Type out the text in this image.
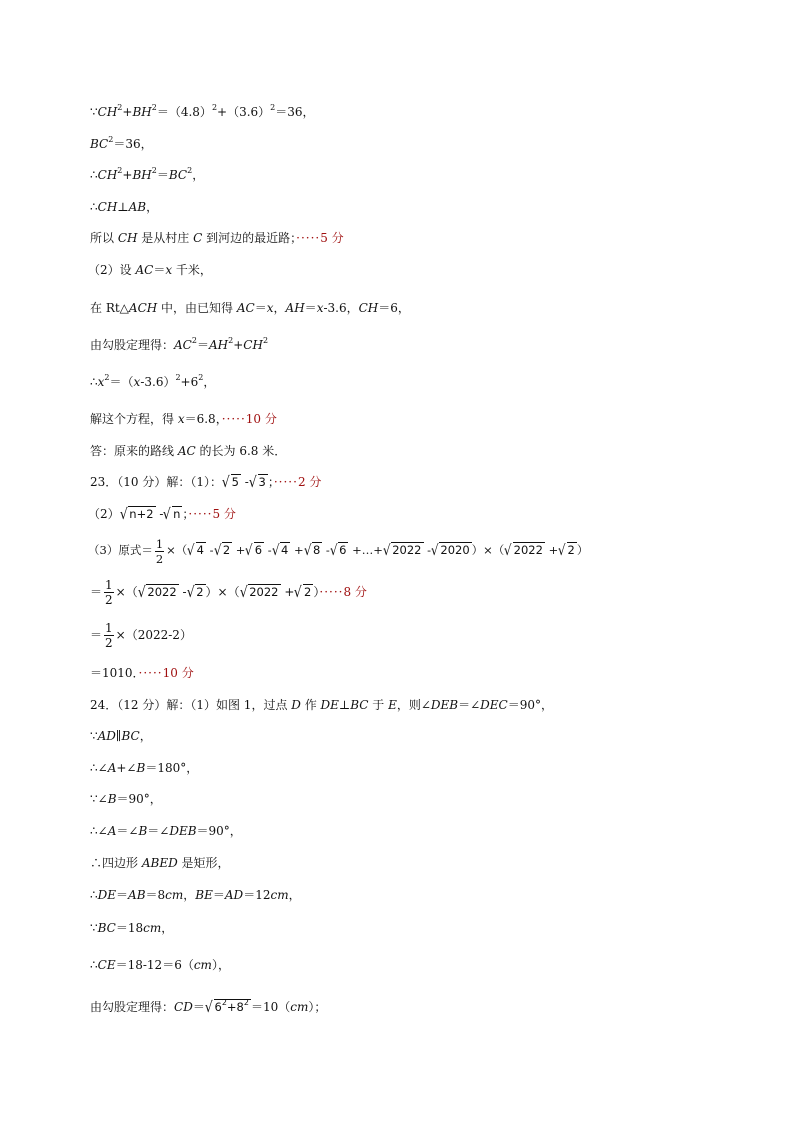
$\because CH^2+BH^2=(4.8)^2+(3.6)^2=36$，
$BC^2=36$，
$\therefore CH^2+BH^2=BC^2$，
∴CH⊥AB，
所以 CH 是从村庄 C 到河边的最近路；·····5 分
（2）设 AC＝x 千米，
在 Rt△ACH 中，由已知得 AC＝x，AH＝x-3.6，CH＝6，
由勾股定理得：$AC^2=AH^2+CH^2$
$\therefore x^2=(x-3.6)^2+6^2$，
解这个方程，得 x＝6.8，·····10 分
答：原来的路线 AC 的长为 6.8 米．
23．（10 分）解：（1）：√ 5 -√ 3 ；·····2 分
（2）√ n+2 -√ n ；·····5 分
（3）原式＝ $\frac{1}{2}$ ×（√ 4 -√ 2 +√ 6 -√ 4 +√ 8 -√ 6 +…+√ 2022 -√ 2020 ）×（√ 2022 +√ 2 ）
＝ $\frac{1}{2}$ ×（√ 2022 -√ 2 ）×（√ 2022 +√ 2 ）·····8 分
＝ $\frac{1}{2} \times(2022-2)$
＝1010．·····10 分
24．（12 分）解：（1）如图 1，过点 D 作 DE⊥BC 于 E，则∠DEB＝∠DEC＝90°，
∵AD∥BC，
∴∠A+∠B＝180°，
∵∠B＝90°，
∴∠A＝∠B＝∠DEB＝90°，
∴四边形 ABED 是矩形，
∴DE＝AB＝8cm，BE＝AD＝12cm，
∵BC＝18cm，
∴CE＝18-12＝6（cm），
由勾股定理得：CD＝√ $6^2+8^2 =10(cm)$；
